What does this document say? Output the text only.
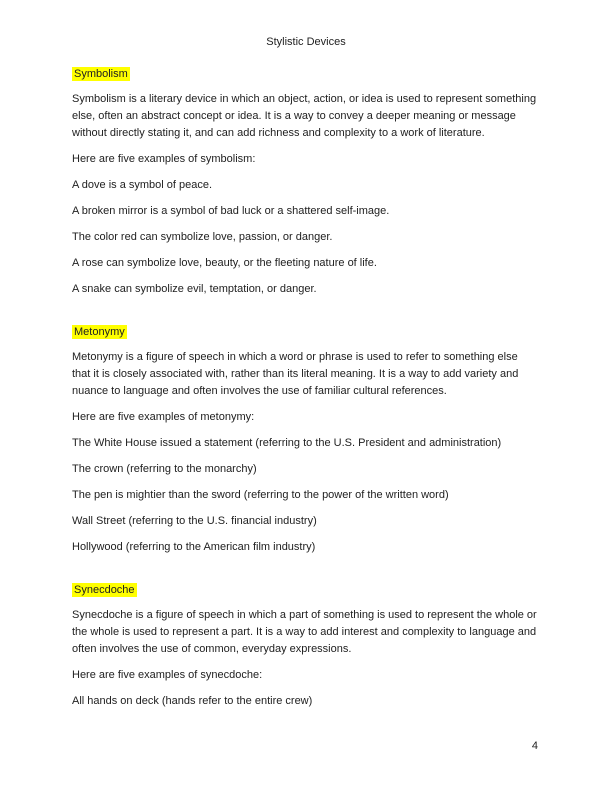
Stylistic Devices

Symbolism

Symbolism is a literary device in which an object, action, or idea is used to represent something else, often an abstract concept or idea. It is a way to convey a deeper meaning or message without directly stating it, and can add richness and complexity to a work of literature.

Here are five examples of symbolism:

A dove is a symbol of peace.

A broken mirror is a symbol of bad luck or a shattered self-image.

The color red can symbolize love, passion, or danger.

A rose can symbolize love, beauty, or the fleeting nature of life.

A snake can symbolize evil, temptation, or danger.

Metonymy

Metonymy is a figure of speech in which a word or phrase is used to refer to something else that it is closely associated with, rather than its literal meaning. It is a way to add variety and nuance to language and often involves the use of familiar cultural references.

Here are five examples of metonymy:

The White House issued a statement (referring to the U.S. President and administration)

The crown (referring to the monarchy)

The pen is mightier than the sword (referring to the power of the written word)

Wall Street (referring to the U.S. financial industry)

Hollywood (referring to the American film industry)

Synecdoche

Synecdoche is a figure of speech in which a part of something is used to represent the whole or the whole is used to represent a part. It is a way to add interest and complexity to language and often involves the use of common, everyday expressions.

Here are five examples of synecdoche:

All hands on deck (hands refer to the entire crew)

4
